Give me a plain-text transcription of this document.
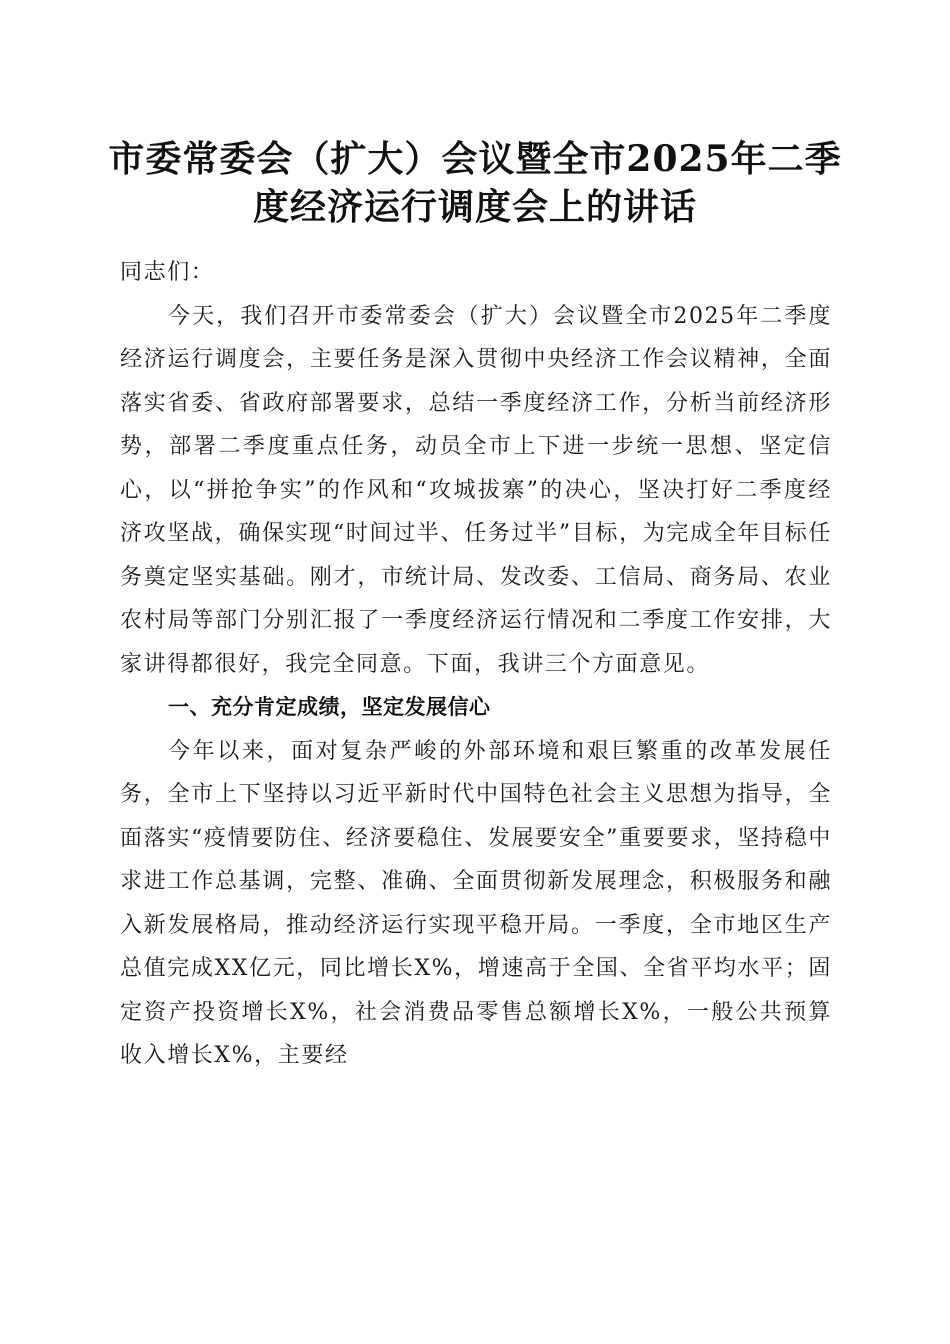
市委常委会（扩大）会议暨全市2025年二季
度经济运行调度会上的讲话

同志们：

今天，我们召开市委常委会（扩大）会议暨全市2025年二季度经济运行调度会，主要任务是深入贯彻中央经济工作会议精神，全面落实省委、省政府部署要求，总结一季度经济工作，分析当前经济形势，部署二季度重点任务，动员全市上下进一步统一思想、坚定信心，以“拼抢争实”的作风和“攻城拔寨”的决心，坚决打好二季度经济攻坚战，确保实现“时间过半、任务过半”目标，为完成全年目标任务奠定坚实基础。刚才，市统计局、发改委、工信局、商务局、农业农村局等部门分别汇报了一季度经济运行情况和二季度工作安排，大家讲得都很好，我完全同意。下面，我讲三个方面意见。

一、充分肯定成绩，坚定发展信心

今年以来，面对复杂严峻的外部环境和艰巨繁重的改革发展任务，全市上下坚持以习近平新时代中国特色社会主义思想为指导，全面落实“疫情要防住、经济要稳住、发展要安全”重要要求，坚持稳中求进工作总基调，完整、准确、全面贯彻新发展理念，积极服务和融入新发展格局，推动经济运行实现平稳开局。一季度，全市地区生产总值完成XX亿元，同比增长X%，增速高于全国、全省平均水平；固定资产投资增长X%，社会消费品零售总额增长X%，一般公共预算收入增长X%，主要经
